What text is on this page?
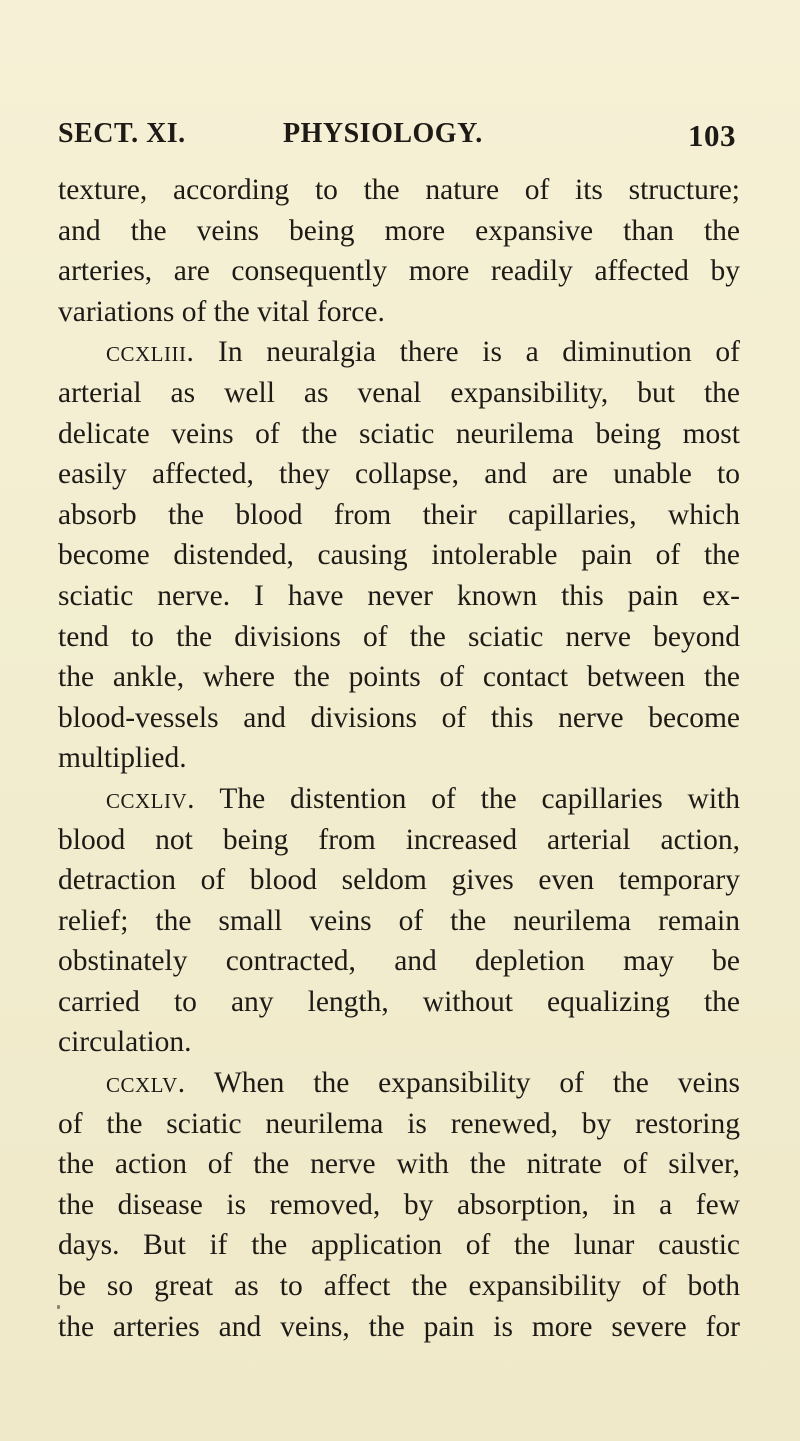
SECT. XI.	PHYSIOLOGY.	103
texture, according to the nature of its structure;
and the veins being more expansive than the
arteries, are consequently more readily affected by
variations of the vital force.
ccxliii. In neuralgia there is a diminution of
arterial as well as venal expansibility, but the
delicate veins of the sciatic neurilema being most
easily affected, they collapse, and are unable to
absorb the blood from their capillaries, which
become distended, causing intolerable pain of the
sciatic nerve. I have never known this pain ex-
tend to the divisions of the sciatic nerve beyond
the ankle, where the points of contact between the
blood-vessels and divisions of this nerve become
multiplied.
ccxliv. The distention of the capillaries with
blood not being from increased arterial action,
detraction of blood seldom gives even temporary
relief; the small veins of the neurilema remain
obstinately contracted, and depletion may be
carried to any length, without equalizing the
circulation.
ccxlv. When the expansibility of the veins
of the sciatic neurilema is renewed, by restoring
the action of the nerve with the nitrate of silver,
the disease is removed, by absorption, in a few
days. But if the application of the lunar caustic
be so great as to affect the expansibility of both
the arteries and veins, the pain is more severe for
